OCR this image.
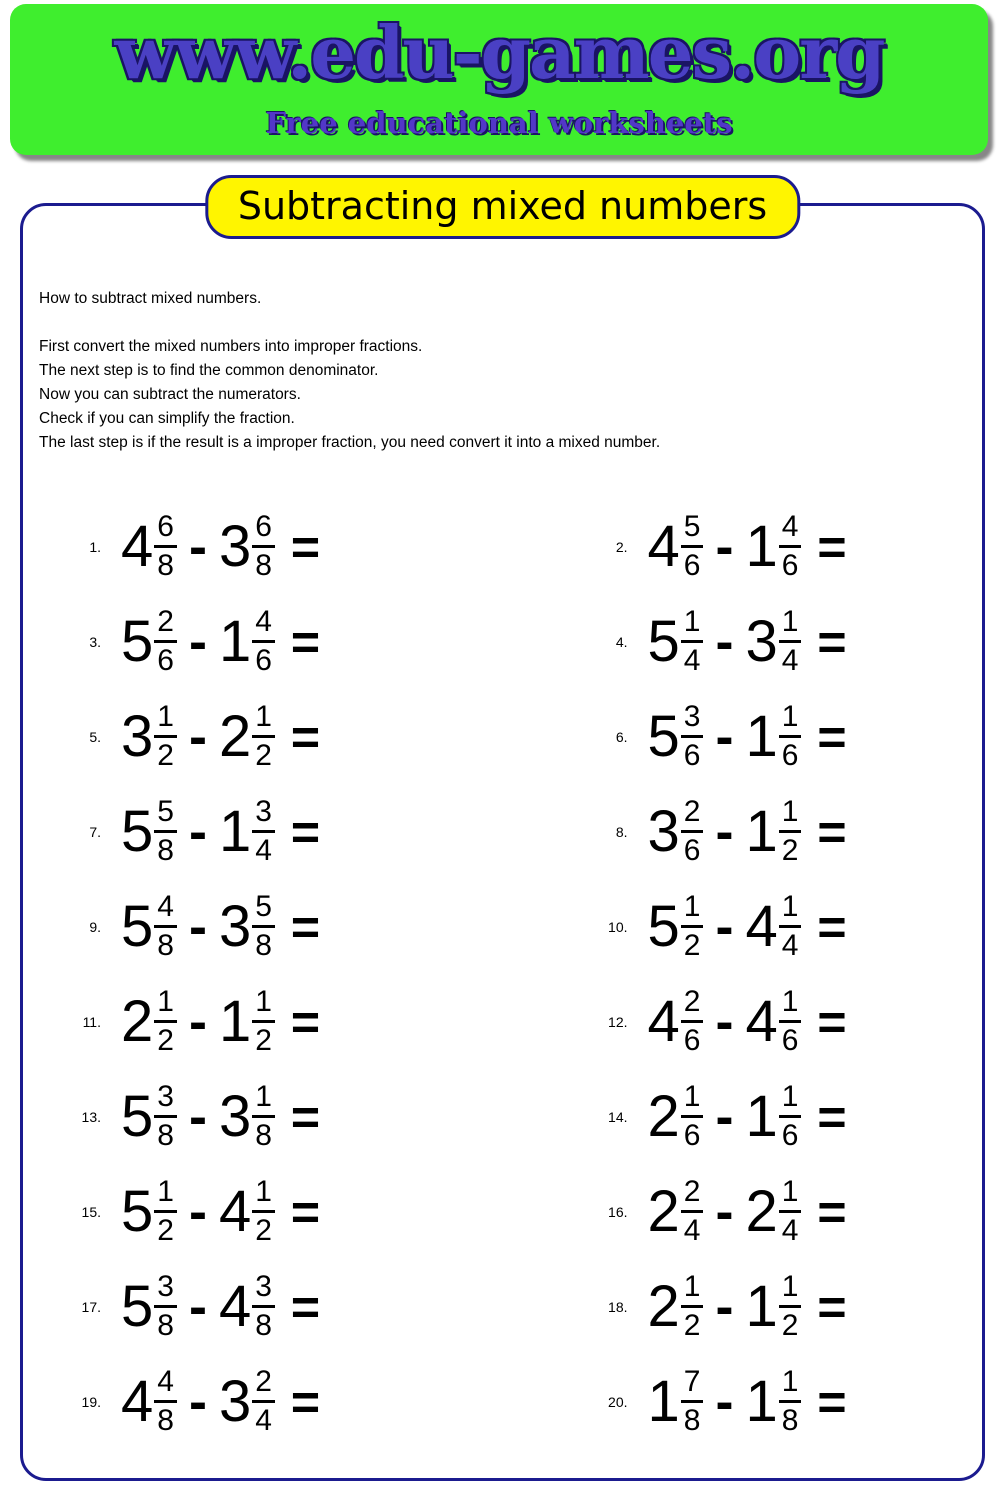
www.edu-games.org
Free educational worksheets
Subtracting mixed numbers
How to subtract mixed numbers.
First convert the mixed numbers into improper fractions.
The next step is to find the common denominator.
Now you can subtract the numerators.
Check if you can simplify the fraction.
The last step is if the result is a improper fraction, you need convert it into a mixed number.
1. $4 \frac{6}{8} - 3 \frac{6}{8}$ =	2. $4 \frac{5}{6} - 1 \frac{4}{6}$ =
3. $5 \frac{2}{6} - 1 \frac{4}{6}$ =	4. $5 \frac{1}{4} - 3 \frac{1}{4}$ =
5. $3 \frac{1}{2} - 2 \frac{1}{2}$ =	6. $5 \frac{3}{6} - 1 \frac{1}{6}$ =
7. $5 \frac{5}{8} - 1 \frac{3}{4}$ =	8. $3 \frac{2}{6} - 1 \frac{1}{2}$ =
9. $5 \frac{4}{8} - 3 \frac{5}{8}$ =	10. $5 \frac{1}{2} - 4 \frac{1}{4}$ =
11. $2 \frac{1}{2} - 1 \frac{1}{2}$ =	12. $4 \frac{2}{6} - 4 \frac{1}{6}$ =
13. $5 \frac{3}{8} - 3 \frac{1}{8}$ =	14. $2 \frac{1}{6} - 1 \frac{1}{6}$ =
15. $5 \frac{1}{2} - 4 \frac{1}{2}$ =	16. $2 \frac{2}{4} - 2 \frac{1}{4}$ =
17. $5 \frac{3}{8} - 4 \frac{3}{8}$ =	18. $2 \frac{1}{2} - 1 \frac{1}{2}$ =
19. $4 \frac{4}{8} - 3 \frac{2}{4}$ =	20. $1 \frac{7}{8} - 1 \frac{1}{8}$ =
